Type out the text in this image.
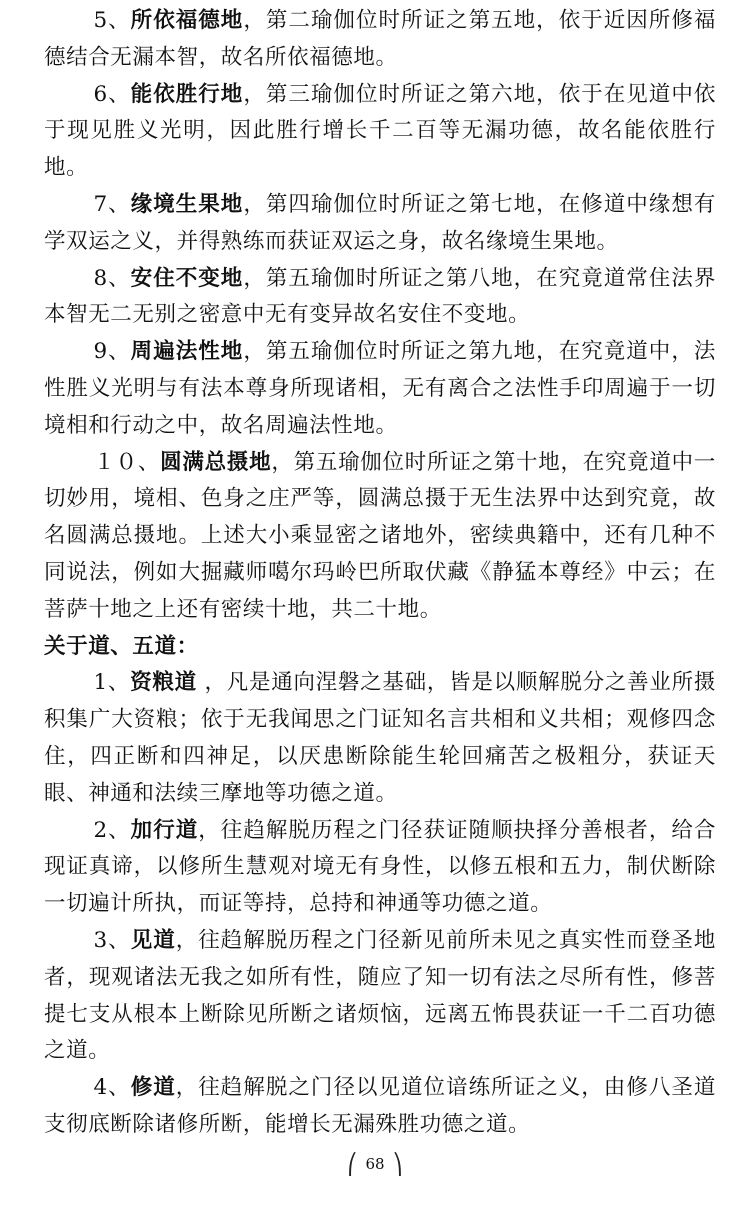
5、所依福德地，第二瑜伽位时所证之第五地，依于近因所修福德结合无漏本智，故名所依福德地。

6、能依胜行地，第三瑜伽位时所证之第六地，依于在见道中依于现见胜义光明，因此胜行增长千二百等无漏功德，故名能依胜行地。

7、缘境生果地，第四瑜伽位时所证之第七地，在修道中缘想有学双运之义，并得熟练而获证双运之身，故名缘境生果地。

8、安住不变地，第五瑜伽时所证之第八地，在究竟道常住法界本智无二无别之密意中无有变异故名安住不变地。

9、周遍法性地，第五瑜伽位时所证之第九地，在究竟道中，法性胜义光明与有法本尊身所现诸相，无有离合之法性手印周遍于一切境相和行动之中，故名周遍法性地。

１０、圆满总摄地，第五瑜伽位时所证之第十地，在究竟道中一切妙用，境相、色身之庄严等，圆满总摄于无生法界中达到究竟，故名圆满总摄地。上述大小乘显密之诸地外，密续典籍中，还有几种不同说法，例如大掘藏师噶尔玛岭巴所取伏藏《静猛本尊经》中云；在菩萨十地之上还有密续十地，共二十地。

关于道、五道：

1、资粮道 ，凡是通向涅磐之基础，皆是以顺解脱分之善业所摄积集广大资粮；依于无我闻思之门证知名言共相和义共相；观修四念住，四正断和四神足，以厌患断除能生轮回痛苦之极粗分，获证天眼、神通和法续三摩地等功德之道。

2、加行道，往趋解脱历程之门径获证随顺抉择分善根者，给合现证真谛，以修所生慧观对境无有身性，以修五根和五力，制伏断除一切遍计所执，而证等持，总持和神通等功德之道。

3、见道，往趋解脱历程之门径新见前所未见之真实性而登圣地者，现观诸法无我之如所有性，随应了知一切有法之尽所有性，修菩提七支从根本上断除见所断之诸烦恼，远离五怖畏获证一千二百功德之道。

4、修道，往趋解脱之门径以见道位谙练所证之义，由修八圣道支彻底断除诸修所断，能增长无漏殊胜功德之道。

⎛ 68 ⎞
